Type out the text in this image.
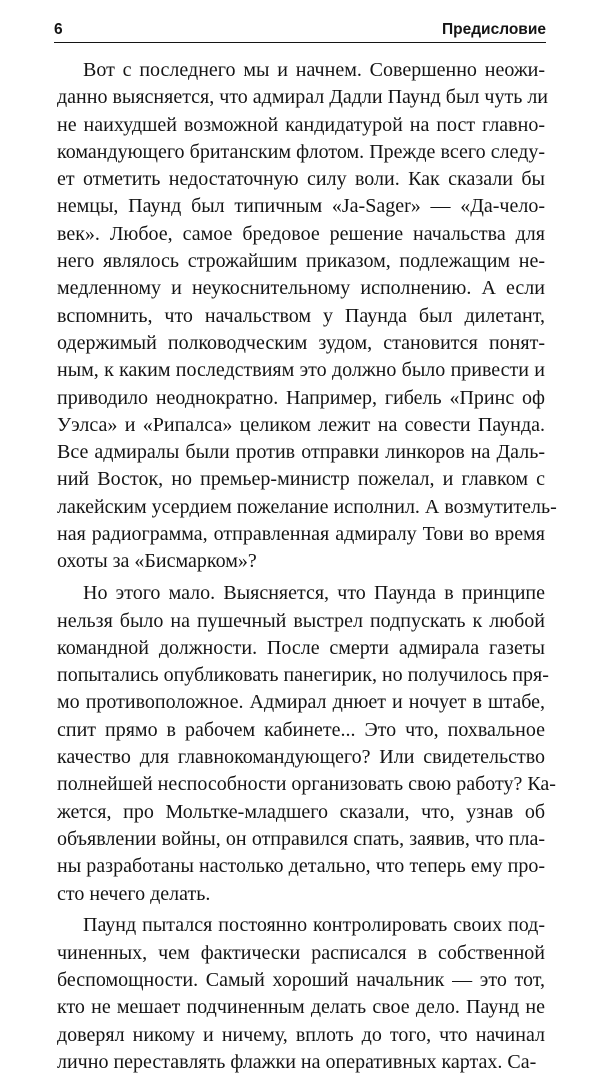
6	Предисловие

Вот с последнего мы и начнем. Совершенно неожи-
данно выясняется, что адмирал Дадли Паунд был чуть ли
не наихудшей возможной кандидатурой на пост главно-
командующего британским флотом. Прежде всего следу-
ет отметить недостаточную силу воли. Как сказали бы
немцы, Паунд был типичным «Ja-Sager» — «Да-чело-
век». Любое, самое бредовое решение начальства для
него являлось строжайшим приказом, подлежащим не-
медленному и неукоснительному исполнению. А если
вспомнить, что начальством у Паунда был дилетант,
одержимый полководческим зудом, становится понят-
ным, к каким последствиям это должно было привести и
приводило неоднократно. Например, гибель «Принс оф
Уэлса» и «Рипалса» целиком лежит на совести Паунда.
Все адмиралы были против отправки линкоров на Даль-
ний Восток, но премьер-министр пожелал, и главком с
лакейским усердием пожелание исполнил. А возмутитель-
ная радиограмма, отправленная адмиралу Тови во время
охоты за «Бисмарком»?

Но этого мало. Выясняется, что Паунда в принципе
нельзя было на пушечный выстрел подпускать к любой
командной должности. После смерти адмирала газеты
попытались опубликовать панегирик, но получилось пря-
мо противоположное. Адмирал днюет и ночует в штабе,
спит прямо в рабочем кабинете... Это что, похвальное
качество для главнокомандующего? Или свидетельство
полнейшей неспособности организовать свою работу? Ка-
жется, про Мольтке-младшего сказали, что, узнав об
объявлении войны, он отправился спать, заявив, что пла-
ны разработаны настолько детально, что теперь ему про-
сто нечего делать.

Паунд пытался постоянно контролировать своих под-
чиненных, чем фактически расписался в собственной
беспомощности. Самый хороший начальник — это тот,
кто не мешает подчиненным делать свое дело. Паунд не
доверял никому и ничему, вплоть до того, что начинал
лично переставлять флажки на оперативных картах. Са-
